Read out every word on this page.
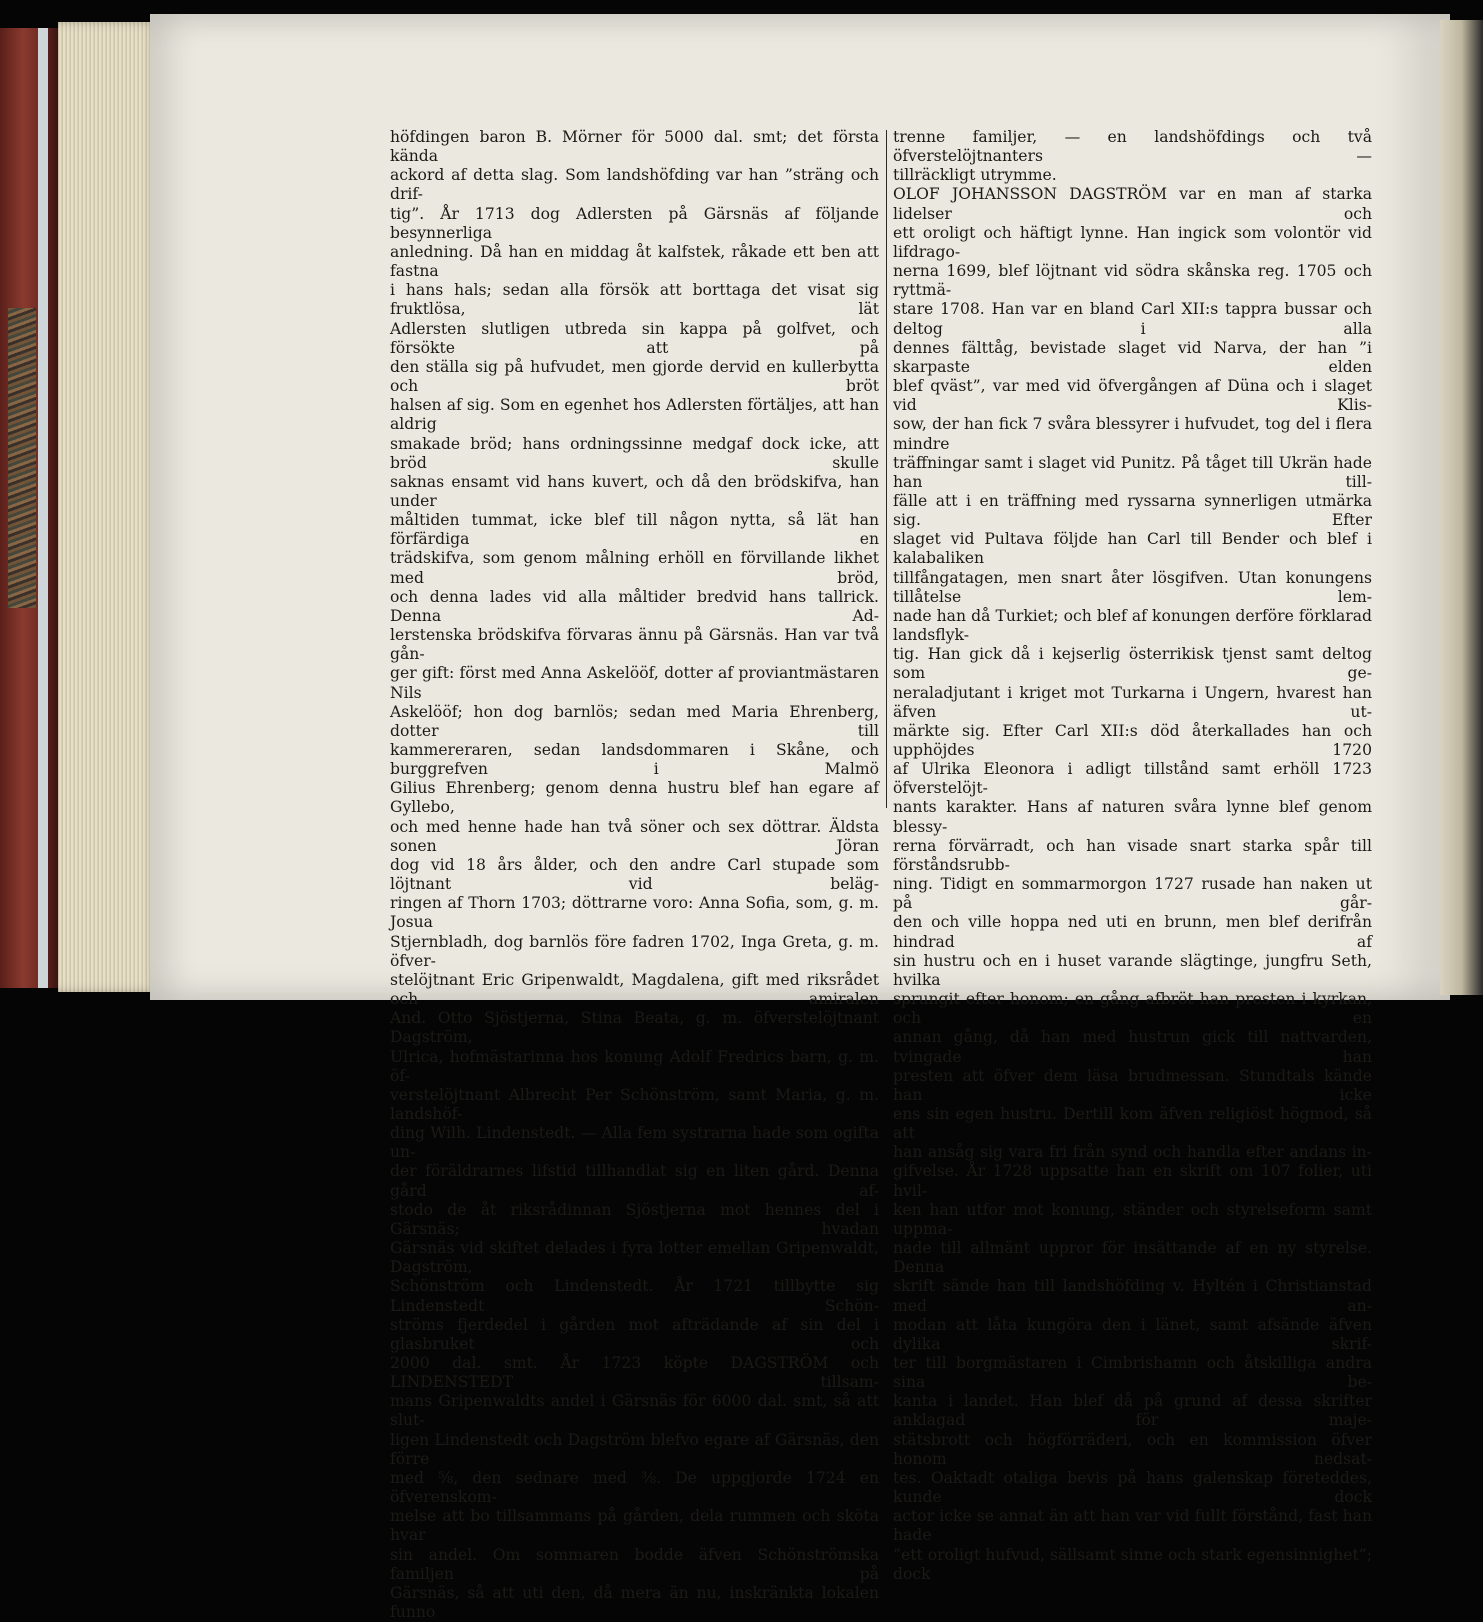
höfdingen baron B. Mörner för 5000 dal. smt; det första kända
ackord af detta slag. Som landshöfding var han ”sträng och drif-
tig”. År 1713 dog Adlersten på Gärsnäs af följande besynnerliga
anledning. Då han en middag åt kalfstek, råkade ett ben att fastna
i hans hals; sedan alla försök att borttaga det visat sig fruktlösa, lät
Adlersten slutligen utbreda sin kappa på golfvet, och försökte att på
den ställa sig på hufvudet, men gjorde dervid en kullerbytta och bröt
halsen af sig. Som en egenhet hos Adlersten förtäljes, att han aldrig
smakade bröd; hans ordningssinne medgaf dock icke, att bröd skulle
saknas ensamt vid hans kuvert, och då den brödskifva, han under
måltiden tummat, icke blef till någon nytta, så lät han förfärdiga en
trädskifva, som genom målning erhöll en förvillande likhet med bröd,
och denna lades vid alla måltider bredvid hans tallrick. Denna Ad-
lerstenska brödskifva förvaras ännu på Gärsnäs. Han var två gån-
ger gift: först med Anna Askelööf, dotter af proviantmästaren Nils
Askelööf; hon dog barnlös; sedan med Maria Ehrenberg, dotter till
kammereraren, sedan landsdommaren i Skåne, och burggrefven i Malmö
Gilius Ehrenberg; genom denna hustru blef han egare af Gyllebo,
och med henne hade han två söner och sex döttrar. Äldsta sonen Jöran
dog vid 18 års ålder, och den andre Carl stupade som löjtnant vid beläg-
ringen af Thorn 1703; döttrarne voro: Anna Sofia, som, g. m. Josua
Stjernbladh, dog barnlös före fadren 1702, Inga Greta, g. m. öfver-
stelöjtnant Eric Gripenwaldt, Magdalena, gift med riksrådet och amiralen
And. Otto Sjöstjerna, Stina Beata, g. m. öfverstelöjtnant Dagström,
Ulrica, hofmästarinna hos konung Adolf Fredrics barn, g. m. öf-
verstelöjtnant Albrecht Per Schönström, samt Maria, g. m. landshöf-
ding Wilh. Lindenstedt. — Alla fem systrarna hade som ogifta un-
der föräldrarnes lifstid tillhandlat sig en liten gård. Denna gård af-
stodo de åt riksrådinnan Sjöstjerna mot hennes del i Gärsnäs; hvadan
Gärsnäs vid skiftet delades i fyra lotter emellan Gripenwaldt, Dagström,
Schönström och Lindenstedt. År 1721 tillbytte sig Lindenstedt Schön-
ströms fjerdedel i gården mot afträdande af sin del i glasbruket och
2000 dal. smt. År 1723 köpte DAGSTRÖM och LINDENSTEDT tillsam-
mans Gripenwaldts andel i Gärsnäs för 6000 dal. smt, så att slut-
ligen Lindenstedt och Dagström blefvo egare af Gärsnäs, den förre
med ⅝, den sednare med ⅜. De uppgjorde 1724 en öfverenskom-
melse att bo tillsammans på gården, dela rummen och sköta hvar
sin andel. Om sommaren bodde äfven Schönströmska familjen på
Gärsnäs, så att uti den, då mera än nu, inskränkta lokalen funno
trenne familjer, — en landshöfdings och två öfverstelöjtnanters —
tillräckligt utrymme.
OLOF JOHANSSON DAGSTRÖM var en man af starka lidelser och
ett oroligt och häftigt lynne. Han ingick som volontör vid lifdrago-
nerna 1699, blef löjtnant vid södra skånska reg. 1705 och ryttmä-
stare 1708. Han var en bland Carl XII:s tappra bussar och deltog i alla
dennes fälttåg, bevistade slaget vid Narva, der han ”i skarpaste elden
blef qväst”, var med vid öfvergången af Düna och i slaget vid Klis-
sow, der han fick 7 svåra blessyrer i hufvudet, tog del i flera mindre
träffningar samt i slaget vid Punitz. På tåget till Ukrän hade han till-
fälle att i en träffning med ryssarna synnerligen utmärka sig. Efter
slaget vid Pultava följde han Carl till Bender och blef i kalabaliken
tillfångatagen, men snart åter lösgifven. Utan konungens tillåtelse lem-
nade han då Turkiet; och blef af konungen derföre förklarad landsflyk-
tig. Han gick då i kejserlig österrikisk tjenst samt deltog som ge-
neraladjutant i kriget mot Turkarna i Ungern, hvarest han äfven ut-
märkte sig. Efter Carl XII:s död återkallades han och upphöjdes 1720
af Ulrika Eleonora i adligt tillstånd samt erhöll 1723 öfverstelöjt-
nants karakter. Hans af naturen svåra lynne blef genom blessy-
rerna förvärradt, och han visade snart starka spår till förståndsrubb-
ning. Tidigt en sommarmorgon 1727 rusade han naken ut på går-
den och ville hoppa ned uti en brunn, men blef derifrån hindrad af
sin hustru och en i huset varande slägtinge, jungfru Seth, hvilka
sprungit efter honom; en gång afbröt han presten i kyrkan, och en
annan gång, då han med hustrun gick till nattvarden, tvingade han
presten att öfver dem läsa brudmessan. Stundtals kände han icke
ens sin egen hustru. Dertill kom äfven religiöst högmod, så att
han ansåg sig vara fri från synd och handla efter andans in-
gifvelse. År 1728 uppsatte han en skrift om 107 folier, uti hvil-
ken han utfor mot konung, ständer och styrelseform samt uppma-
nade till allmänt uppror för insättande af en ny styrelse. Denna
skrift sände han till landshöfding v. Hyltén i Christianstad med an-
modan att låta kungöra den i länet, samt afsände äfven dylika skrif-
ter till borgmästaren i Cimbrishamn och åtskilliga andra sina be-
kanta i landet. Han blef då på grund af dessa skrifter anklagad för maje-
stätsbrott och högförräderi, och en kommission öfver honom nedsat-
tes. Oaktadt otaliga bevis på hans galenskap företeddes, kunde dock
actor icke se annat än att han var vid fullt förstånd, fast han hade
”ett oroligt hufvud, sällsamt sinne och stark egensinnighet”; dock
